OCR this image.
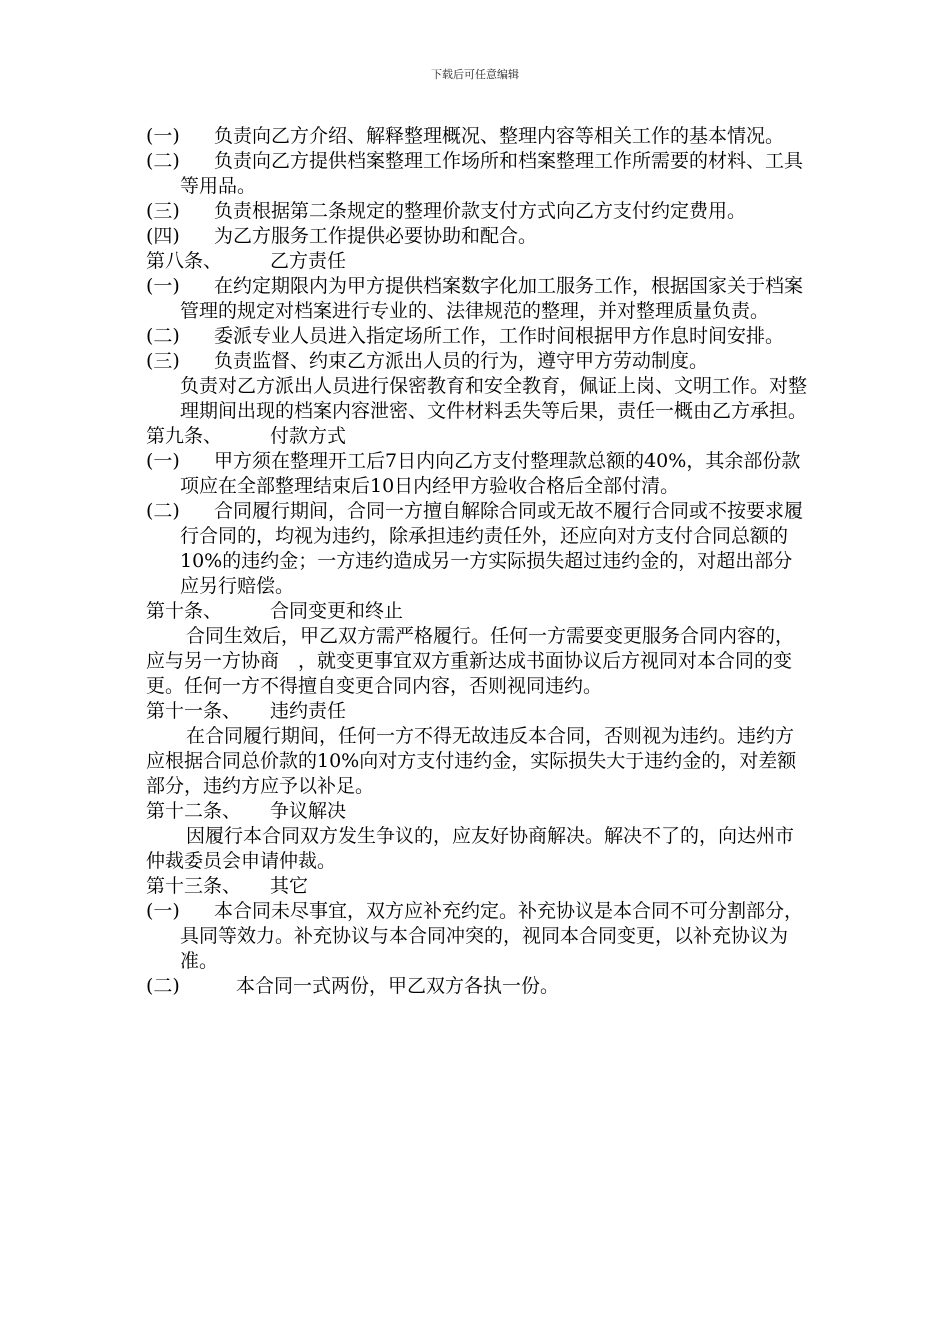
下载后可任意编辑
(一) 负责向乙方介绍、解释整理概况、整理内容等相关工作的基本情况。
(二) 负责向乙方提供档案整理工作场所和档案整理工作所需要的材料、工具等用品。
(三) 负责根据第二条规定的整理价款支付方式向乙方支付约定费用。
(四) 为乙方服务工作提供必要协助和配合。
第八条、	乙方责任
(一) 在约定期限内为甲方提供档案数字化加工服务工作，根据国家关于档案管理的规定对档案进行专业的、法律规范的整理，并对整理质量负责。
(二) 委派专业人员进入指定场所工作，工作时间根据甲方作息时间安排。
(三) 负责监督、约束乙方派出人员的行为，遵守甲方劳动制度。
负责对乙方派出人员进行保密教育和安全教育，佩证上岗、文明工作。对整理期间出现的档案内容泄密、文件材料丢失等后果，责任一概由乙方承担。
第九条、	付款方式
(一) 甲方须在整理开工后7日内向乙方支付整理款总额的40%，其余部份款项应在全部整理结束后10日内经甲方验收合格后全部付清。
(二) 合同履行期间，合同一方擅自解除合同或无故不履行合同或不按要求履行合同的，均视为违约，除承担违约责任外，还应向对方支付合同总额的10%的违约金；一方违约造成另一方实际损失超过违约金的，对超出部分应另行赔偿。
第十条、	合同变更和终止
合同生效后，甲乙双方需严格履行。任何一方需要变更服务合同内容的，应与另一方协商　，就变更事宜双方重新达成书面协议后方视同对本合同的变更。任何一方不得擅自变更合同内容，否则视同违约。
第十一条、 违约责任
在合同履行期间，任何一方不得无故违反本合同，否则视为违约。违约方应根据合同总价款的10%向对方支付违约金，实际损失大于违约金的，对差额部分，违约方应予以补足。
第十二条、 争议解决
因履行本合同双方发生争议的，应友好协商解决。解决不了的，向达州市仲裁委员会申请仲裁。
第十三条、 其它
(一) 本合同未尽事宜，双方应补充约定。补充协议是本合同不可分割部分，具同等效力。补充协议与本合同冲突的，视同本合同变更，以补充协议为准。
(二)	本合同一式两份，甲乙双方各执一份。
